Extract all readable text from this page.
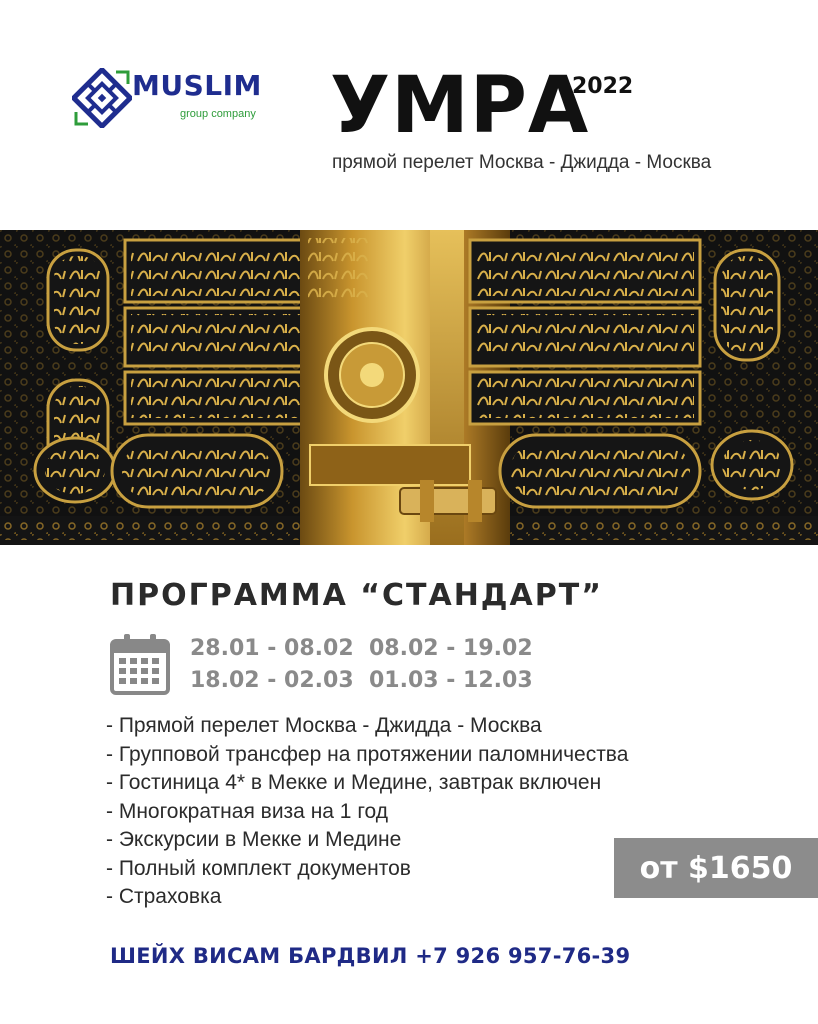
MUSLIM
group company УМРА
2022
прямой перелет Москва - Джидда - Москва
ПРОГРАММА “СТАНДАРТ”
28.01 - 08.02 08.02 - 19.02
18.02 - 02.03 01.03 - 12.03
- Прямой перелет Москва - Джидда - Москва
- Групповой трансфер на протяжении паломничества
- Гостиница 4* в Мекке и Медине, завтрак включен
- Многократная виза на 1 год
- Экскурсии в Мекке и Медине
- Полный комплект документов
- Страховка
от $1650
ШЕЙХ ВИСАМ БАРДВИЛ +7 926 957-76-39
